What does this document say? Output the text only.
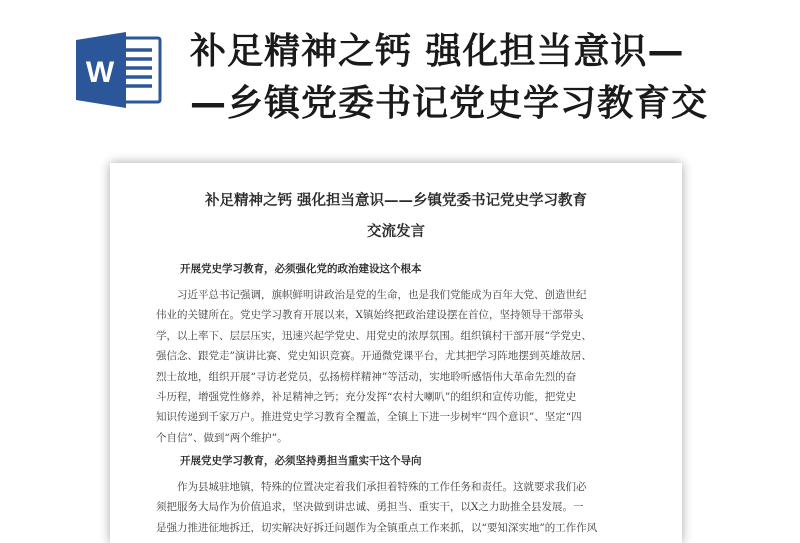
W
补足精神之钙 强化担当意识—
—乡镇党委书记党史学习教育交
补足精神之钙 强化担当意识——乡镇党委书记党史学习教育
交流发言
开展党史学习教育，必须强化党的政治建设这个根本
习近平总书记强调，旗帜鲜明讲政治是党的生命，也是我们党能成为百年大党、创造世纪
伟业的关键所在。党史学习教育开展以来，X镇始终把政治建设摆在首位，坚持领导干部带头
学，以上率下、层层压实，迅速兴起学党史、用党史的浓厚氛围。组织镇村干部开展“学党史、
强信念、跟党走”演讲比赛、党史知识竞赛。开通微党课平台，尤其把学习阵地摆到英雄故居、
烈士故地，组织开展“寻访老党员，弘扬榜样精神”等活动，实地聆听感悟伟大革命先烈的奋
斗历程，增强党性修养，补足精神之钙；充分发挥“农村大喇叭”的组织和宣传功能，把党史
知识传递到千家万户。推进党史学习教育全覆盖，全镇上下进一步树牢“四个意识”、坚定“四
个自信”、做到“两个维护”。
开展党史学习教育，必须坚持勇担当重实干这个导向
作为县城驻地镇，特殊的位置决定着我们承担着特殊的工作任务和责任。这就要求我们必
须把服务大局作为价值追求，坚决做到讲忠诚、勇担当、重实干，以X之力助推全县发展。一
是强力推进征地拆迁，切实解决好拆迁问题作为全镇重点工作来抓，以“要知深实地”的工作作风
